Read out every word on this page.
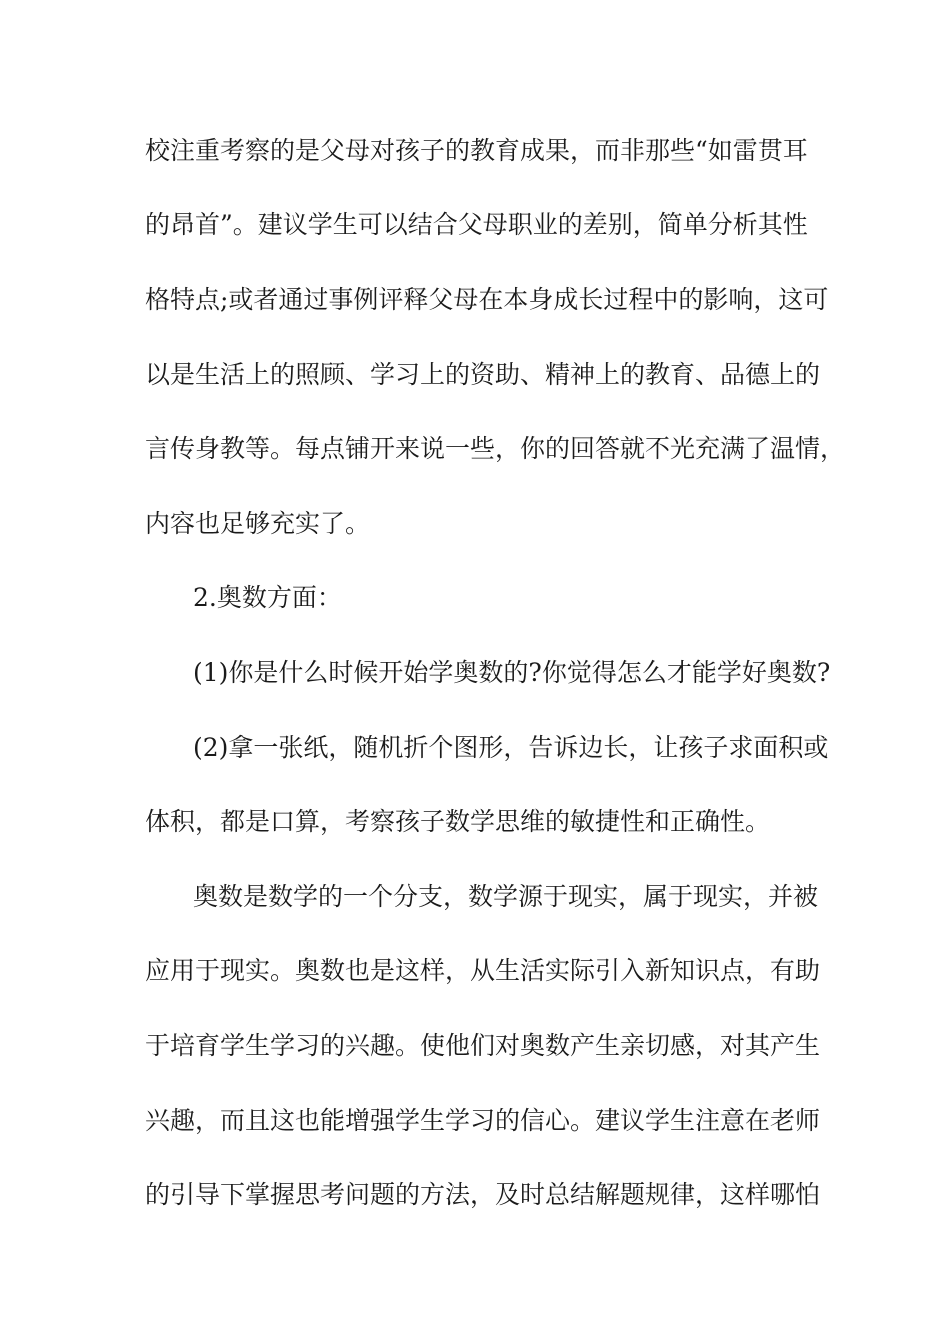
校注重考察的是父母对孩子的教育成果，而非那些“如雷贯耳
的昂首”。建议学生可以结合父母职业的差别，简单分析其性
格特点;或者通过事例评释父母在本身成长过程中的影响，这可
以是生活上的照顾、学习上的资助、精神上的教育、品德上的
言传身教等。每点铺开来说一些，你的回答就不光充满了温情，
内容也足够充实了。
2.奥数方面：
(1)你是什么时候开始学奥数的?你觉得怎么才能学好奥数?
(2)拿一张纸，随机折个图形，告诉边长，让孩子求面积或
体积，都是口算，考察孩子数学思维的敏捷性和正确性。
奥数是数学的一个分支，数学源于现实，属于现实，并被
应用于现实。奥数也是这样，从生活实际引入新知识点，有助
于培育学生学习的兴趣。使他们对奥数产生亲切感，对其产生
兴趣，而且这也能增强学生学习的信心。建议学生注意在老师
的引导下掌握思考问题的方法，及时总结解题规律，这样哪怕
